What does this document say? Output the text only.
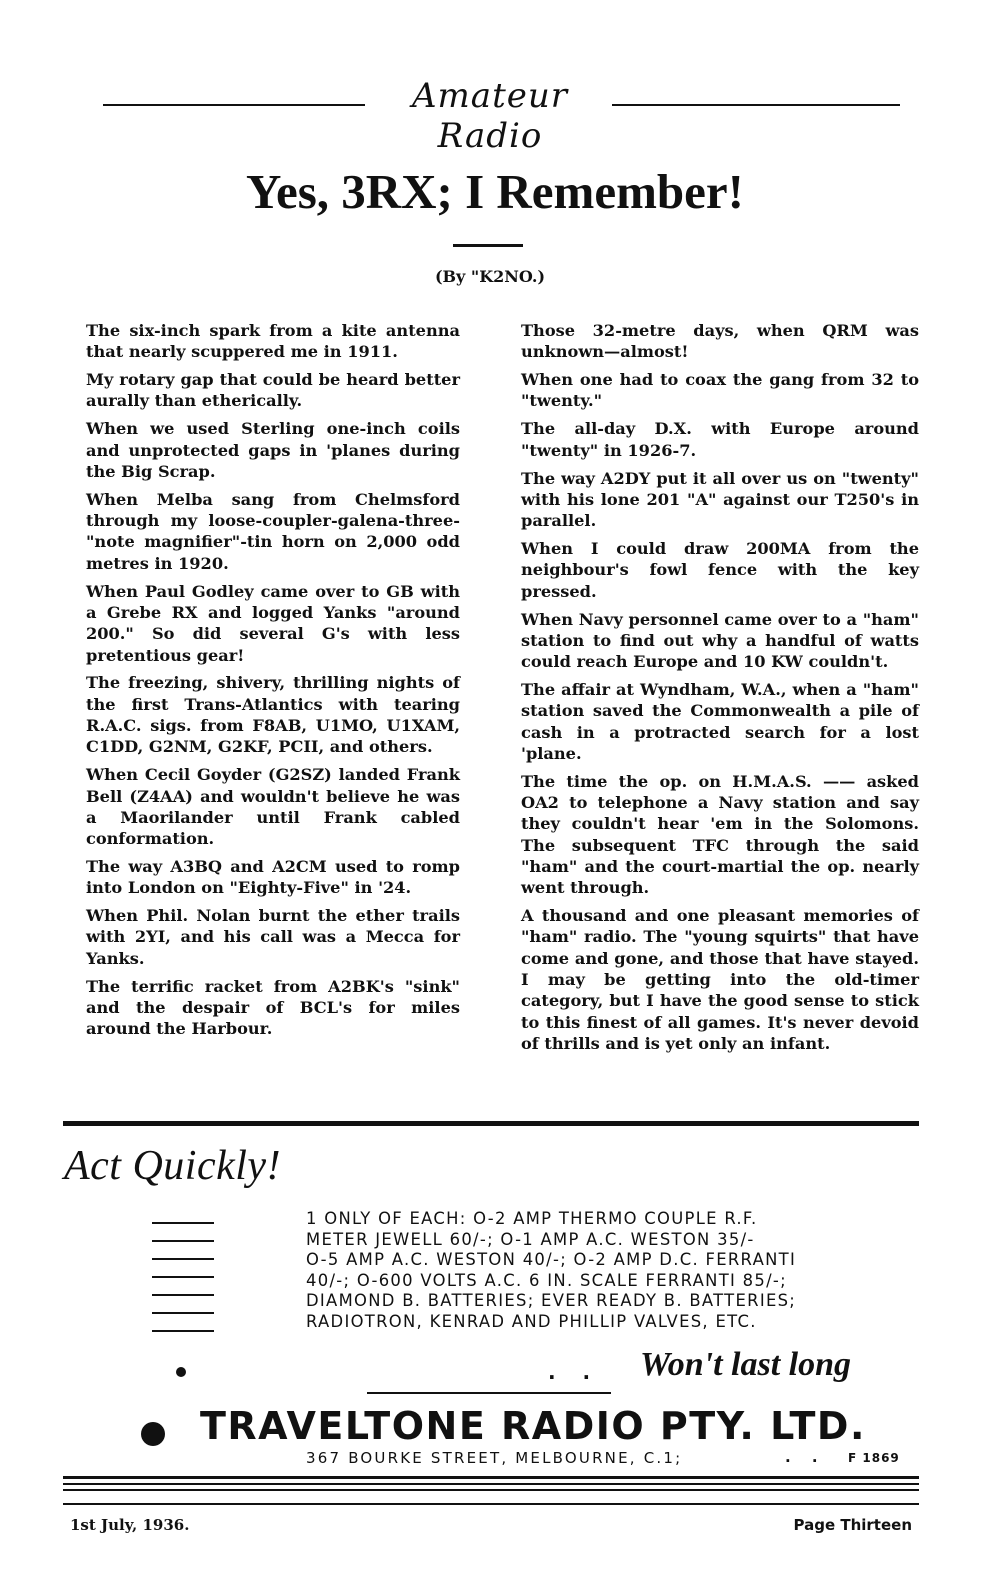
Amateur Radio
Yes, 3RX; I Remember!
(By "K2NO.)

The six-inch spark from a kite antenna that nearly scuppered me in 1911.

My rotary gap that could be heard better aurally than etherically.

When we used Sterling one-inch coils and unprotected gaps in 'planes during the Big Scrap.

When Melba sang from Chelmsford through my loose-coupler-galena-three-"note magnifier"-tin horn on 2,000 odd metres in 1920.

When Paul Godley came over to GB with a Grebe RX and logged Yanks "around 200." So did several G's with less pretentious gear!

The freezing, shivery, thrilling nights of the first Trans-Atlantics with tearing R.A.C. sigs. from F8AB, U1MO, U1XAM, C1DD, G2NM, G2KF, PCII, and others.

When Cecil Goyder (G2SZ) landed Frank Bell (Z4AA) and wouldn't believe he was a Maorilander until Frank cabled conformation.

The way A3BQ and A2CM used to romp into London on "Eighty-Five" in '24.

When Phil. Nolan burnt the ether trails with 2YI, and his call was a Mecca for Yanks.

The terrific racket from A2BK's "sink" and the despair of BCL's for miles around the Harbour.

Those 32-metre days, when QRM was unknown—almost!

When one had to coax the gang from 32 to "twenty."

The all-day D.X. with Europe around "twenty" in 1926-7.

The way A2DY put it all over us on "twenty" with his lone 201 "A" against our T250's in parallel.

When I could draw 200MA from the neighbour's fowl fence with the key pressed.

When Navy personnel came over to a "ham" station to find out why a handful of watts could reach Europe and 10 KW couldn't.

The affair at Wyndham, W.A., when a "ham" station saved the Commonwealth a pile of cash in a protracted search for a lost 'plane.

The time the op. on H.M.A.S. —— asked OA2 to telephone a Navy station and say they couldn't hear 'em in the Solomons. The subsequent TFC through the said "ham" and the court-martial the op. nearly went through.

A thousand and one pleasant memories of "ham" radio. The "young squirts" that have come and gone, and those that have stayed. I may be getting into the old-timer category, but I have the good sense to stick to this finest of all games. It's never devoid of thrills and is yet only an infant.

Act Quickly!
1 ONLY OF EACH: O-2 AMP THERMO COUPLE R.F.
METER JEWELL 60/-; O-1 AMP A.C. WESTON 35/-
O-5 AMP A.C. WESTON 40/-; O-2 AMP D.C. FERRANTI
40/-; O-600 VOLTS A.C. 6 IN. SCALE FERRANTI 85/-;
DIAMOND B. BATTERIES; EVER READY B. BATTERIES;
RADIOTRON, KENRAD AND PHILLIP VALVES, ETC.
. . Won't last long
TRAVELTONE RADIO PTY. LTD.
367 BOURKE STREET, MELBOURNE, C.1;	. . F 1869
1st July, 1936.	Page Thirteen
